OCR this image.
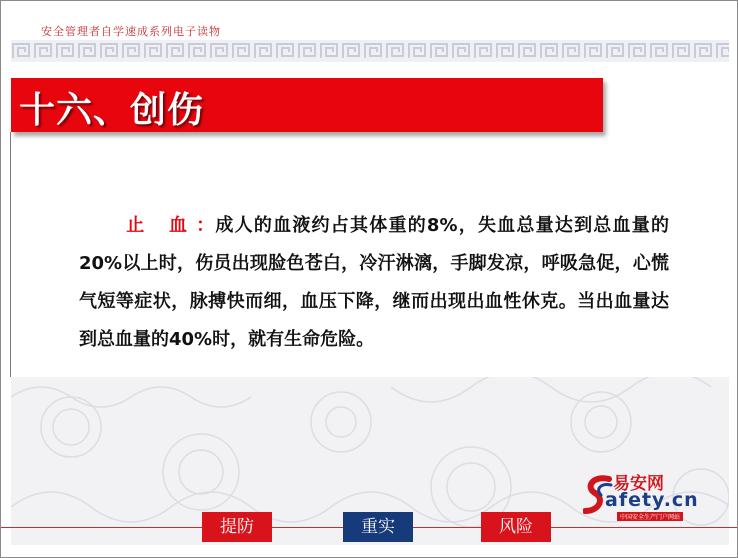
安全管理者自学速成系列电子读物
十六、创伤
止 血：成人的血液约占其体重的8%，失血总量达到总血量的20%以上时，伤员出现脸色苍白，冷汗淋漓，手脚发凉，呼吸急促，心慌气短等症状，脉搏快而细，血压下降，继而出现出血性休克。当出血量达到总血量的40%时，就有生命危险。
易安网
afety.cn
中国安全生产门户网站
提防	重实	风险
